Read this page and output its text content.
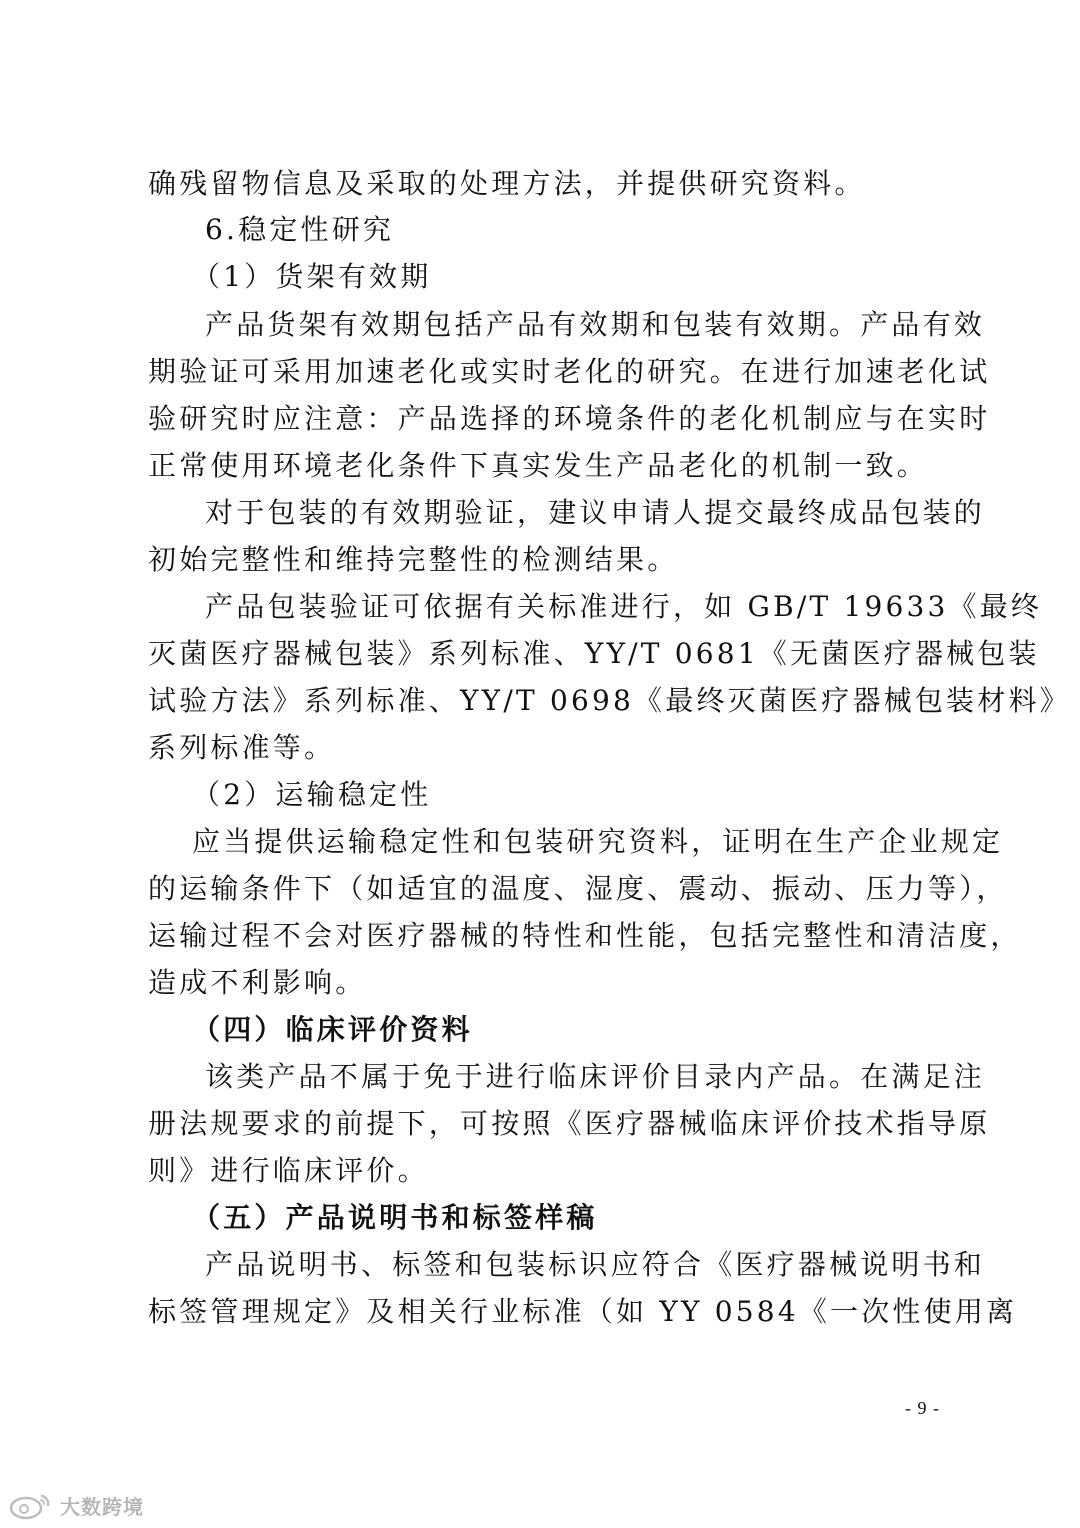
确残留物信息及采取的处理方法，并提供研究资料。
6.稳定性研究
（1）货架有效期
产品货架有效期包括产品有效期和包装有效期。产品有效
期验证可采用加速老化或实时老化的研究。在进行加速老化试
验研究时应注意：产品选择的环境条件的老化机制应与在实时
正常使用环境老化条件下真实发生产品老化的机制一致。
对于包装的有效期验证，建议申请人提交最终成品包装的
初始完整性和维持完整性的检测结果。
产品包装验证可依据有关标准进行，如 GB/T 19633《最终
灭菌医疗器械包装》系列标准、YY/T 0681《无菌医疗器械包装
试验方法》系列标准、YY/T 0698《最终灭菌医疗器械包装材料》
系列标准等。
（2）运输稳定性
应当提供运输稳定性和包装研究资料，证明在生产企业规定
的运输条件下（如适宜的温度、湿度、震动、振动、压力等），
运输过程不会对医疗器械的特性和性能，包括完整性和清洁度，
造成不利影响。
（四）临床评价资料
该类产品不属于免于进行临床评价目录内产品。在满足注
册法规要求的前提下，可按照《医疗器械临床评价技术指导原
则》进行临床评价。
（五）产品说明书和标签样稿
产品说明书、标签和包装标识应符合《医疗器械说明书和
标签管理规定》及相关行业标准（如 YY 0584《一次性使用离
- 9 -
大数跨境
